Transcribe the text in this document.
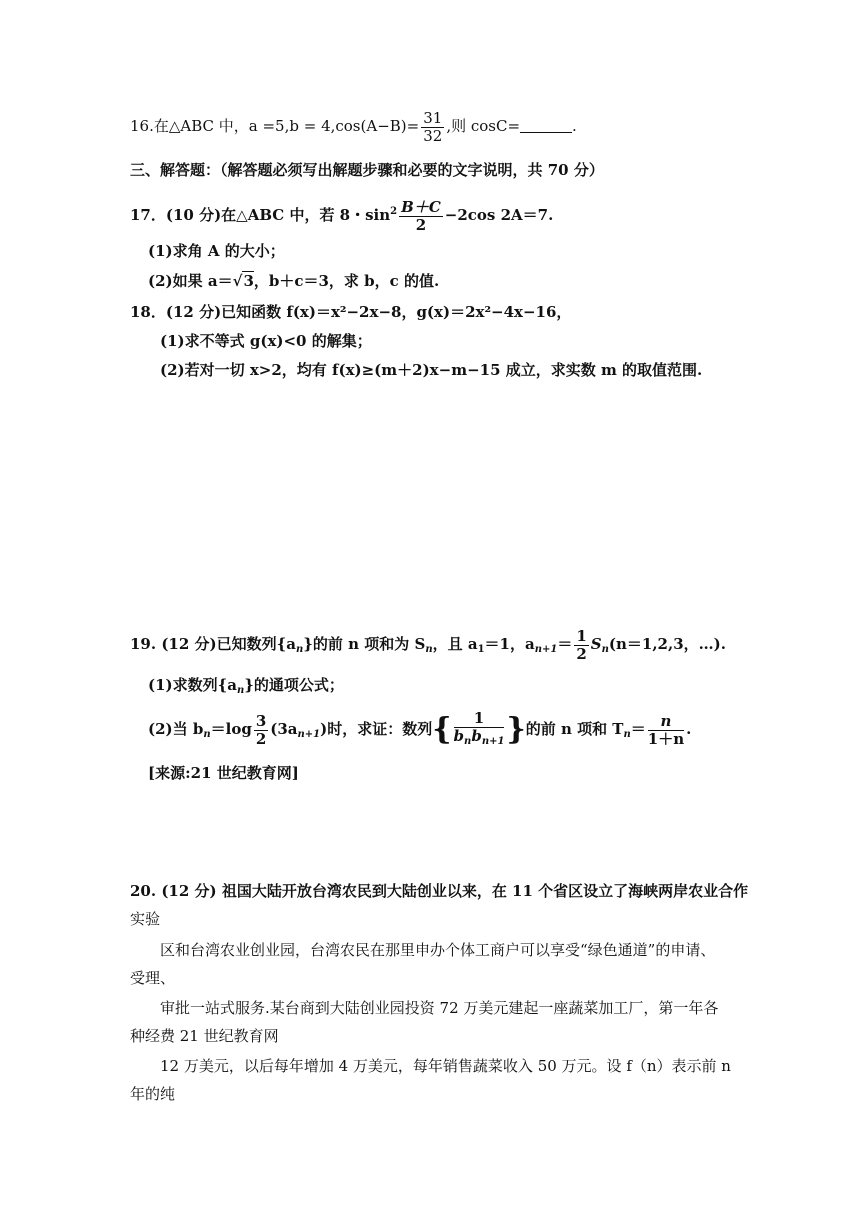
16.在△ABC 中，$a =5,b = 4,\cos(A-B)= \frac{31}{32}$ ,则 cosC=	.
三、解答题：（解答题必须写出解题步骤和必要的文字说明，共 70 分）
17．(10 分)在△ABC 中，若 8・$\sin^2 \frac{B+C}{2} -2\cos$ 2A＝7.
(1)求角 A 的大小；
(2)如果 a＝√3，b＋c＝3，求 b，c 的值.
18．(12 分)已知函数 f(x)＝x²−2x−8，g(x)＝2x²−4x−16，
(1)求不等式 g(x)<0 的解集；
(2)若对一切 x>2，均有 f(x)≥(m＋2)x−m−15 成立，求实数 m 的取值范围.
19. (12 分)已知数列$\{a_n\}$的前 n 项和为 $S_n$，且 $a_1=1$，$a_{n+1}= \frac{1}{2} S_n(n=1,2,3$，…).
(1)求数列$\{a_n\}$的通项公式；
(2)当 $b_n=\log \frac{3}{2} (3a_{n+1})$时，求证：数列{ $\frac{1}{b_nb_{n+1}}$ }的前 n 项和 $T_n= \frac{n}{1+n}$ .
[来源:21 世纪教育网]
20. (12 分) 祖国大陆开放台湾农民到大陆创业以来，在 11 个省区设立了海峡两岸农业合作
实验
区和台湾农业创业园，台湾农民在那里申办个体工商户可以享受“绿色通道”的申请、
受理、
审批一站式服务.某台商到大陆创业园投资 72 万美元建起一座蔬菜加工厂，第一年各
种经费 21 世纪教育网
12 万美元，以后每年增加 4 万美元，每年销售蔬菜收入 50 万元。设 f（n）表示前 n
年的纯
